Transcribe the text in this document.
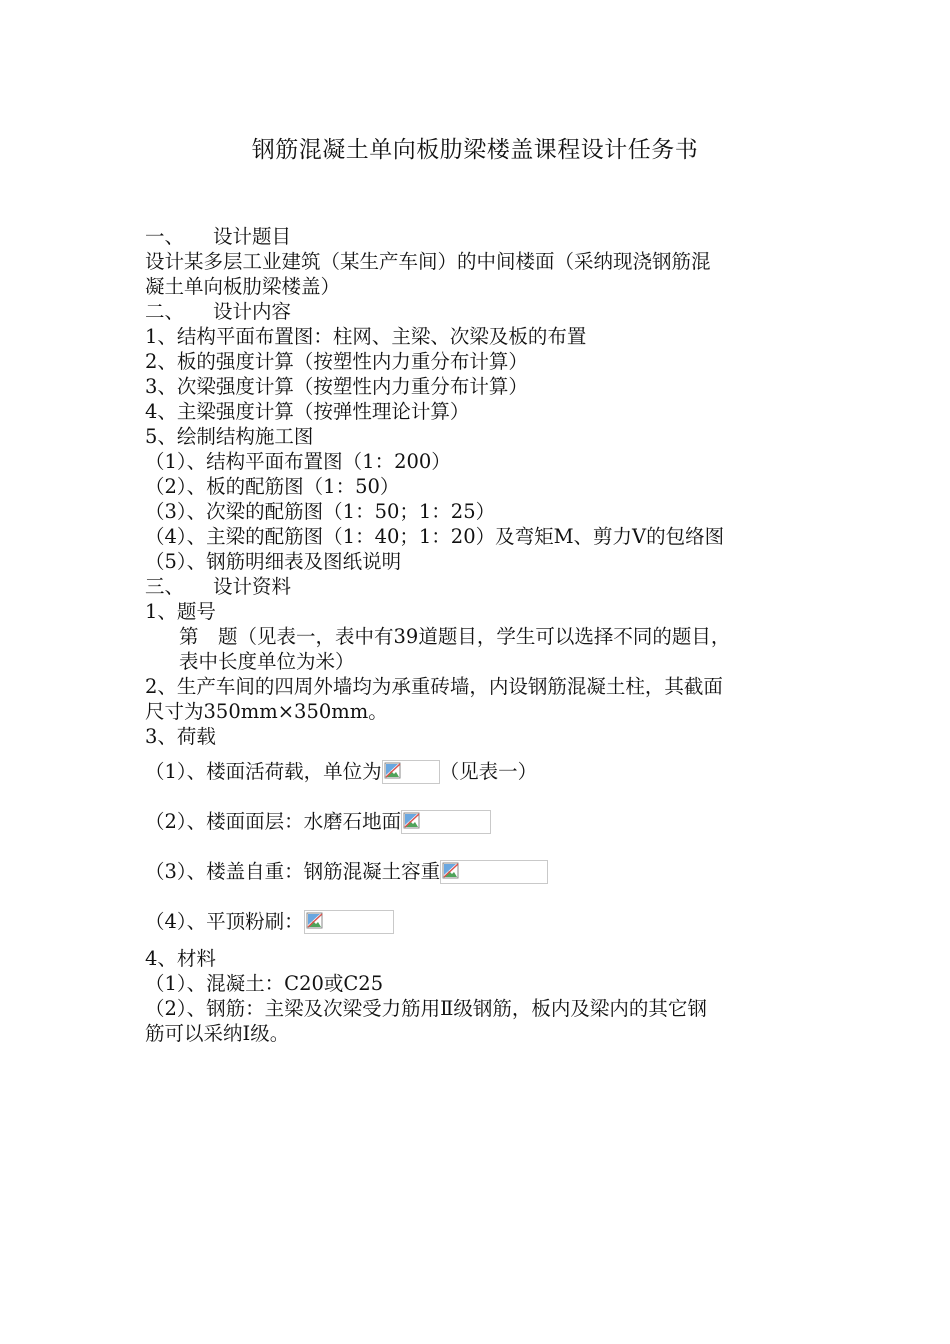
钢筋混凝土单向板肋梁楼盖课程设计任务书
一、 设计题目
设计某多层工业建筑（某生产车间）的中间楼面（采纳现浇钢筋混
凝土单向板肋梁楼盖）
二、 设计内容
1、结构平面布置图：柱网、主梁、次梁及板的布置
2、板的强度计算（按塑性内力重分布计算）
3、次梁强度计算（按塑性内力重分布计算）
4、主梁强度计算（按弹性理论计算）
5、绘制结构施工图
（1）、结构平面布置图（1：200）
（2）、板的配筋图（1：50）
（3）、次梁的配筋图（1：50；1：25）
（4）、主梁的配筋图（1：40；1：20）及弯矩M、剪力V的包络图
（5）、钢筋明细表及图纸说明
三、 设计资料
1、题号
第　题（见表一，表中有39道题目，学生可以选择不同的题目，
表中长度单位为米）
2、生产车间的四周外墙均为承重砖墙，内设钢筋混凝土柱，其截面
尺寸为350mm×350mm。
3、荷载
（1）、楼面活荷载，单位为	（见表一）
（2）、楼面面层：水磨石地面
（3）、楼盖自重：钢筋混凝土容重
（4）、平顶粉刷：
4、材料
（1）、混凝土：C20或C25
（2）、钢筋：主梁及次梁受力筋用Ⅱ级钢筋，板内及梁内的其它钢
筋可以采纳Ⅰ级。
